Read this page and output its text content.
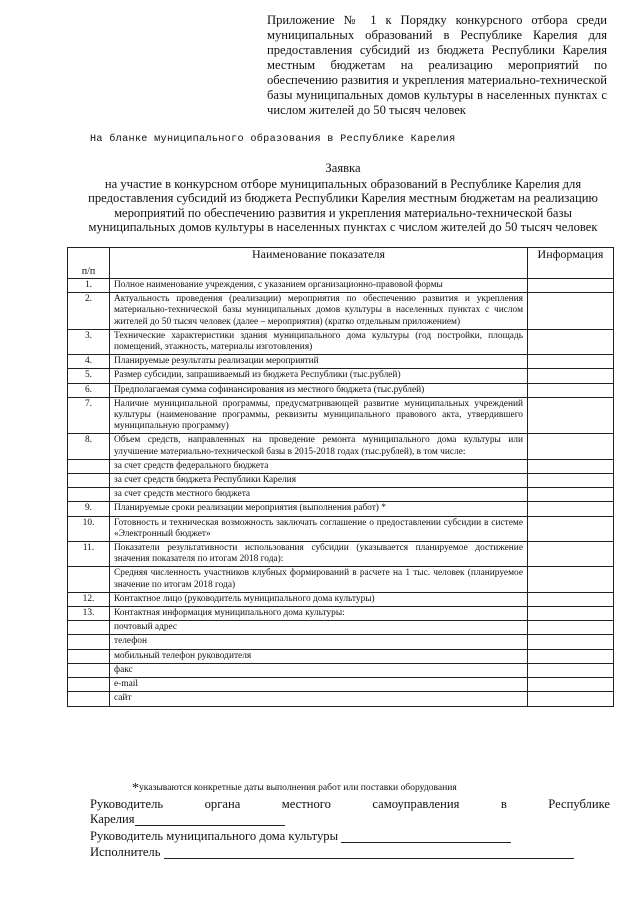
Приложение № 1 к Порядку конкурсного отбора среди муниципальных образований в Республике Карелия для предоставления субсидий из бюджета Республики Карелия местным бюджетам на реализацию мероприятий по обеспечению развития и укрепления материально-технической базы муниципальных домов культуры в населенных пунктах с числом жителей до 50 тысяч человек
На бланке муниципального образования в Республике Карелия
Заявка
на участие в конкурсном отборе муниципальных образований в Республике Карелия для предоставления субсидий из бюджета Республики Карелия местным бюджетам на реализацию мероприятий по обеспечению развития и укрепления материально-технической базы муниципальных домов культуры в населенных пунктах с числом жителей до 50 тысяч человек
п/п	Наименование показателя	Информация
1.	Полное наименование учреждения, с указанием организационно-правовой формы	
2.	Актуальность проведения (реализации) мероприятия по обеспечению развития и укрепления материально-технической базы муниципальных домов культуры в населенных пунктах с числом жителей до 50 тысяч человек (далее – мероприятия) (кратко отдельным приложением)	
3.	Технические характеристики здания муниципального дома культуры (год постройки, площадь помещений, этажность, материалы изготовления)	
4.	Планируемые результаты реализации мероприятий	
5.	Размер субсидии, запрашиваемый из бюджета Республики (тыс.рублей)	
6.	Предполагаемая сумма софинансирования из местного бюджета (тыс.рублей)	
7.	Наличие муниципальной программы, предусматривающей развитие муниципальных учреждений культуры (наименование программы, реквизиты муниципального правового акта, утвердившего муниципальную программу)	
8.	Объем средств, направленных на проведение ремонта муниципального дома культуры или улучшение материально-технической базы в 2015-2018 годах (тыс.рублей), в том числе:	
	за счет средств федерального бюджета	
	за счет средств бюджета Республики Карелия	
	за счет средств местного бюджета	
9.	Планируемые сроки реализации мероприятия (выполнения работ) *	
10.	Готовность и техническая возможность заключать соглашение о предоставлении субсидии в системе «Электронный бюджет»	
11.	Показатели результативности использования субсидии (указывается планируемое достижение значения показателя по итогам 2018 года):	
	Средняя численность участников клубных формирований в расчете на 1 тыс. человек (планируемое значение по итогам 2018 года)	
12.	Контактное лицо (руководитель муниципального дома культуры)	
13.	Контактная информация муниципального дома культуры:	
	почтовый адрес	
	телефон	
	мобильный телефон руководителя	
	факс	
	e-mail	
	сайт	
*указываются конкретные даты выполнения работ или поставки оборудования
Руководитель	органа	местного	самоуправления	в	Республике
Карелия
Руководитель муниципального дома культуры
Исполнитель
